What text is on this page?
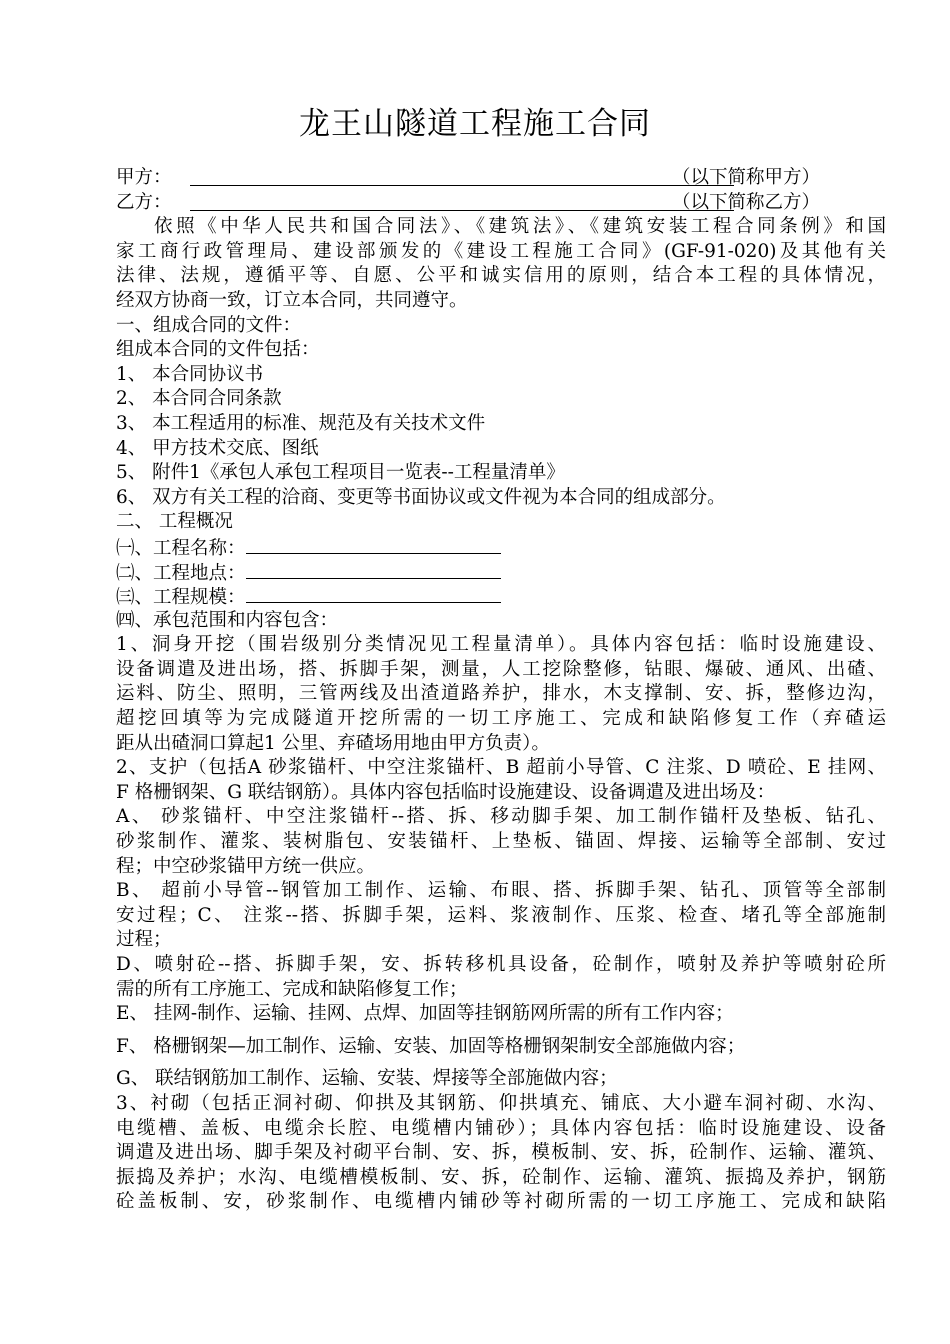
龙王山隧道工程施工合同
甲方：	（以下简称甲方）
乙方：	（以下简称乙方）
依照《中华人民共和国合同法》、《建筑法》、《建筑安装工程合同条例》和国
家工商行政管理局、建设部颁发的《建设工程施工合同》(GF-91-020)及其他有关
法律、法规，遵循平等、自愿、公平和诚实信用的原则，结合本工程的具体情况，
经双方协商一致，订立本合同，共同遵守。
一、组成合同的文件：
组成本合同的文件包括：
1、 本合同协议书
2、 本合同合同条款
3、 本工程适用的标准、规范及有关技术文件
4、 甲方技术交底、图纸
5、 附件1《承包人承包工程项目一览表--工程量清单》
6、 双方有关工程的洽商、变更等书面协议或文件视为本合同的组成部分。
二、 工程概况
㈠、工程名称：
㈡、工程地点：
㈢、工程规模：
㈣、承包范围和内容包含：
1、洞身开挖（围岩级别分类情况见工程量清单）。具体内容包括：临时设施建设、
设备调遣及进出场，搭、拆脚手架，测量，人工挖除整修，钻眼、爆破、通风、出碴、
运料、防尘、照明，三管两线及出渣道路养护，排水，木支撑制、安、拆，整修边沟，
超挖回填等为完成隧道开挖所需的一切工序施工、完成和缺陷修复工作（弃碴运
距从出碴洞口算起1 公里、弃碴场用地由甲方负责）。
2、支护（包括A 砂浆锚杆、中空注浆锚杆、B 超前小导管、C 注浆、D 喷砼、E 挂网、
F 格栅钢架、G 联结钢筋）。具体内容包括临时设施建设、设备调遣及进出场及：
A、 砂浆锚杆、中空注浆锚杆--搭、拆、移动脚手架、加工制作锚杆及垫板、钻孔、
砂浆制作、灌浆、装树脂包、安装锚杆、上垫板、锚固、焊接、运输等全部制、安过
程；中空砂浆锚甲方统一供应。
B、 超前小导管--钢管加工制作、运输、布眼、搭、拆脚手架、钻孔、顶管等全部制
安过程；C、 注浆--搭、拆脚手架，运料、浆液制作、压浆、检查、堵孔等全部施制
过程；
D、喷射砼--搭、拆脚手架，安、拆转移机具设备，砼制作，喷射及养护等喷射砼所
需的所有工序施工、完成和缺陷修复工作；
E、 挂网-制作、运输、挂网、点焊、加固等挂钢筋网所需的所有工作内容；
F、 格栅钢架—加工制作、运输、安装、加固等格栅钢架制安全部施做内容；
G、 联结钢筋加工制作、运输、安装、焊接等全部施做内容；
3、衬砌（包括正洞衬砌、仰拱及其钢筋、仰拱填充、铺底、大小避车洞衬砌、水沟、
电缆槽、盖板、电缆余长腔、电缆槽内铺砂）；具体内容包括：临时设施建设、设备
调遣及进出场、脚手架及衬砌平台制、安、拆，模板制、安、拆，砼制作、运输、灌筑、
振捣及养护；水沟、电缆槽模板制、安、拆，砼制作、运输、灌筑、振捣及养护，钢筋
砼盖板制、安，砂浆制作、电缆槽内铺砂等衬砌所需的一切工序施工、完成和缺陷
